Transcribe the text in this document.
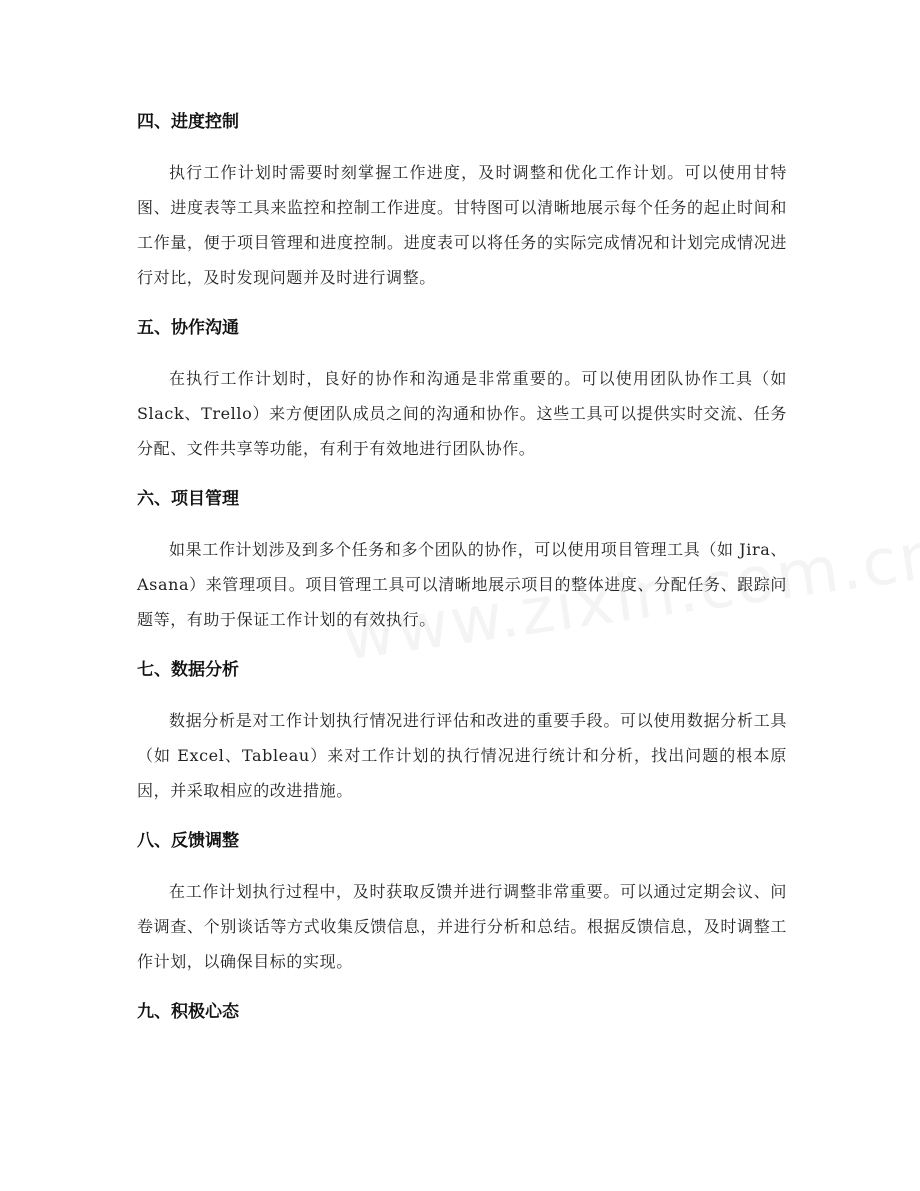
四、进度控制

执行工作计划时需要时刻掌握工作进度，及时调整和优化工作计划。可以使用甘特图、进度表等工具来监控和控制工作进度。甘特图可以清晰地展示每个任务的起止时间和工作量，便于项目管理和进度控制。进度表可以将任务的实际完成情况和计划完成情况进行对比，及时发现问题并及时进行调整。

五、协作沟通

在执行工作计划时，良好的协作和沟通是非常重要的。可以使用团队协作工具（如 Slack、Trello）来方便团队成员之间的沟通和协作。这些工具可以提供实时交流、任务分配、文件共享等功能，有利于有效地进行团队协作。

六、项目管理

如果工作计划涉及到多个任务和多个团队的协作，可以使用项目管理工具（如 Jira、Asana）来管理项目。项目管理工具可以清晰地展示项目的整体进度、分配任务、跟踪问题等，有助于保证工作计划的有效执行。

七、数据分析

数据分析是对工作计划执行情况进行评估和改进的重要手段。可以使用数据分析工具（如 Excel、Tableau）来对工作计划的执行情况进行统计和分析，找出问题的根本原因，并采取相应的改进措施。

八、反馈调整

在工作计划执行过程中，及时获取反馈并进行调整非常重要。可以通过定期会议、问卷调查、个别谈话等方式收集反馈信息，并进行分析和总结。根据反馈信息，及时调整工作计划，以确保目标的实现。

九、积极心态
